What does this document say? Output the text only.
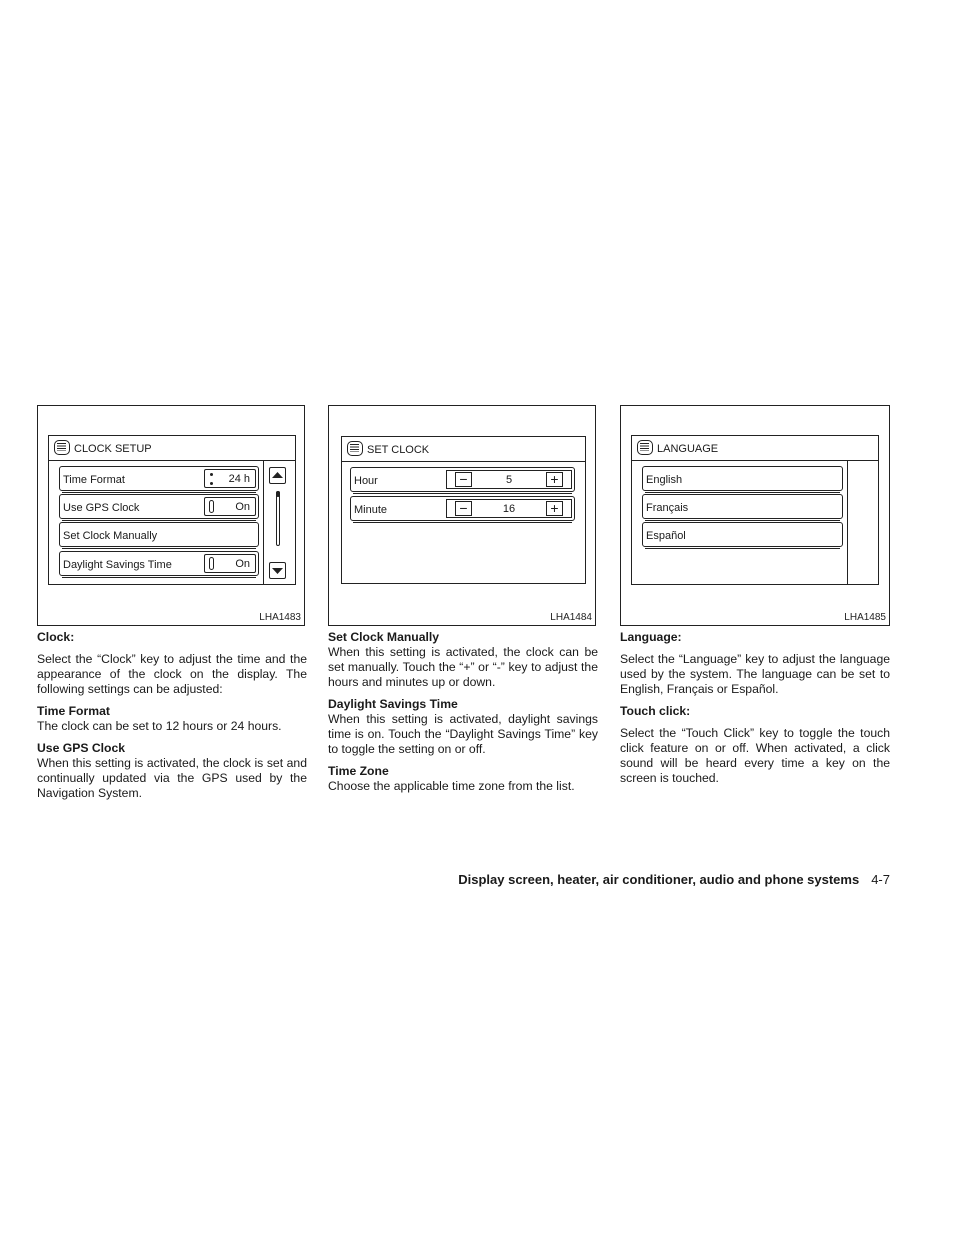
CLOCK SETUP
Time Format	24 h
Use GPS Clock	On
Set Clock Manually
Daylight Savings Time	On
LHA1483
SET CLOCK
Hour	−	5	+
Minute	−	16	+
LHA1484
LANGUAGE
English
Français
Español
LHA1485

Clock:

Select the “Clock” key to adjust the time and the appearance of the clock on the display. The following settings can be adjusted:

Time Format

The clock can be set to 12 hours or 24 hours.

Use GPS Clock

When this setting is activated, the clock is set and continually updated via the GPS used by the Navigation System.

Set Clock Manually

When this setting is activated, the clock can be set manually. Touch the “+” or “-” key to adjust the hours and minutes up or down.

Daylight Savings Time

When this setting is activated, daylight savings time is on. Touch the “Daylight Savings Time” key to toggle the setting on or off.

Time Zone

Choose the applicable time zone from the list.

Language:

Select the “Language” key to adjust the language used by the system. The language can be set to English, Français or Español.

Touch click:

Select the “Touch Click” key to toggle the touch click feature on or off. When activated, a click sound will be heard every time a key on the screen is touched.

Display screen, heater, air conditioner, audio and phone systems 4-7
